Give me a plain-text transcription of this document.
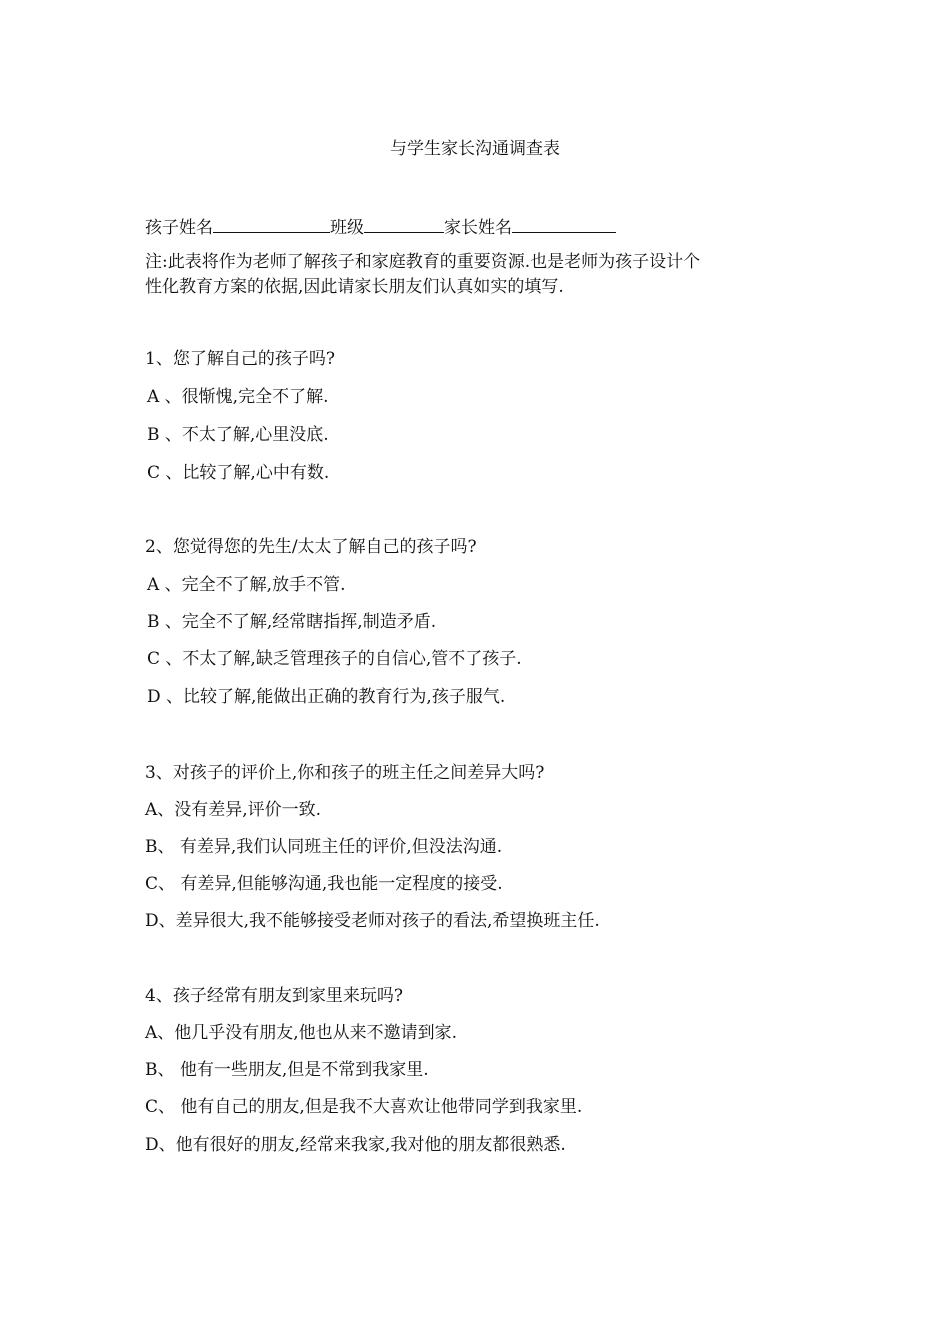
与学生家长沟通调查表
孩子姓名	班级	家长姓名
注:此表将作为老师了解孩子和家庭教育的重要资源.也是老师为孩子设计个
性化教育方案的依据,因此请家长朋友们认真如实的填写.
1、您了解自己的孩子吗?
A 、很惭愧,完全不了解.
B 、不太了解,心里没底.
C 、比较了解,心中有数.
2、您觉得您的先生/太太了解自己的孩子吗?
A 、完全不了解,放手不管.
B 、完全不了解,经常瞎指挥,制造矛盾.
C 、不太了解,缺乏管理孩子的自信心,管不了孩子.
D 、比较了解,能做出正确的教育行为,孩子服气.
3、对孩子的评价上,你和孩子的班主任之间差异大吗?
A、没有差异,评价一致.
B、 有差异,我们认同班主任的评价,但没法沟通.
C、 有差异,但能够沟通,我也能一定程度的接受.
D、差异很大,我不能够接受老师对孩子的看法,希望换班主任.
4、孩子经常有朋友到家里来玩吗?
A、他几乎没有朋友,他也从来不邀请到家.
B、 他有一些朋友,但是不常到我家里.
C、 他有自己的朋友,但是我不大喜欢让他带同学到我家里.
D、他有很好的朋友,经常来我家,我对他的朋友都很熟悉.
